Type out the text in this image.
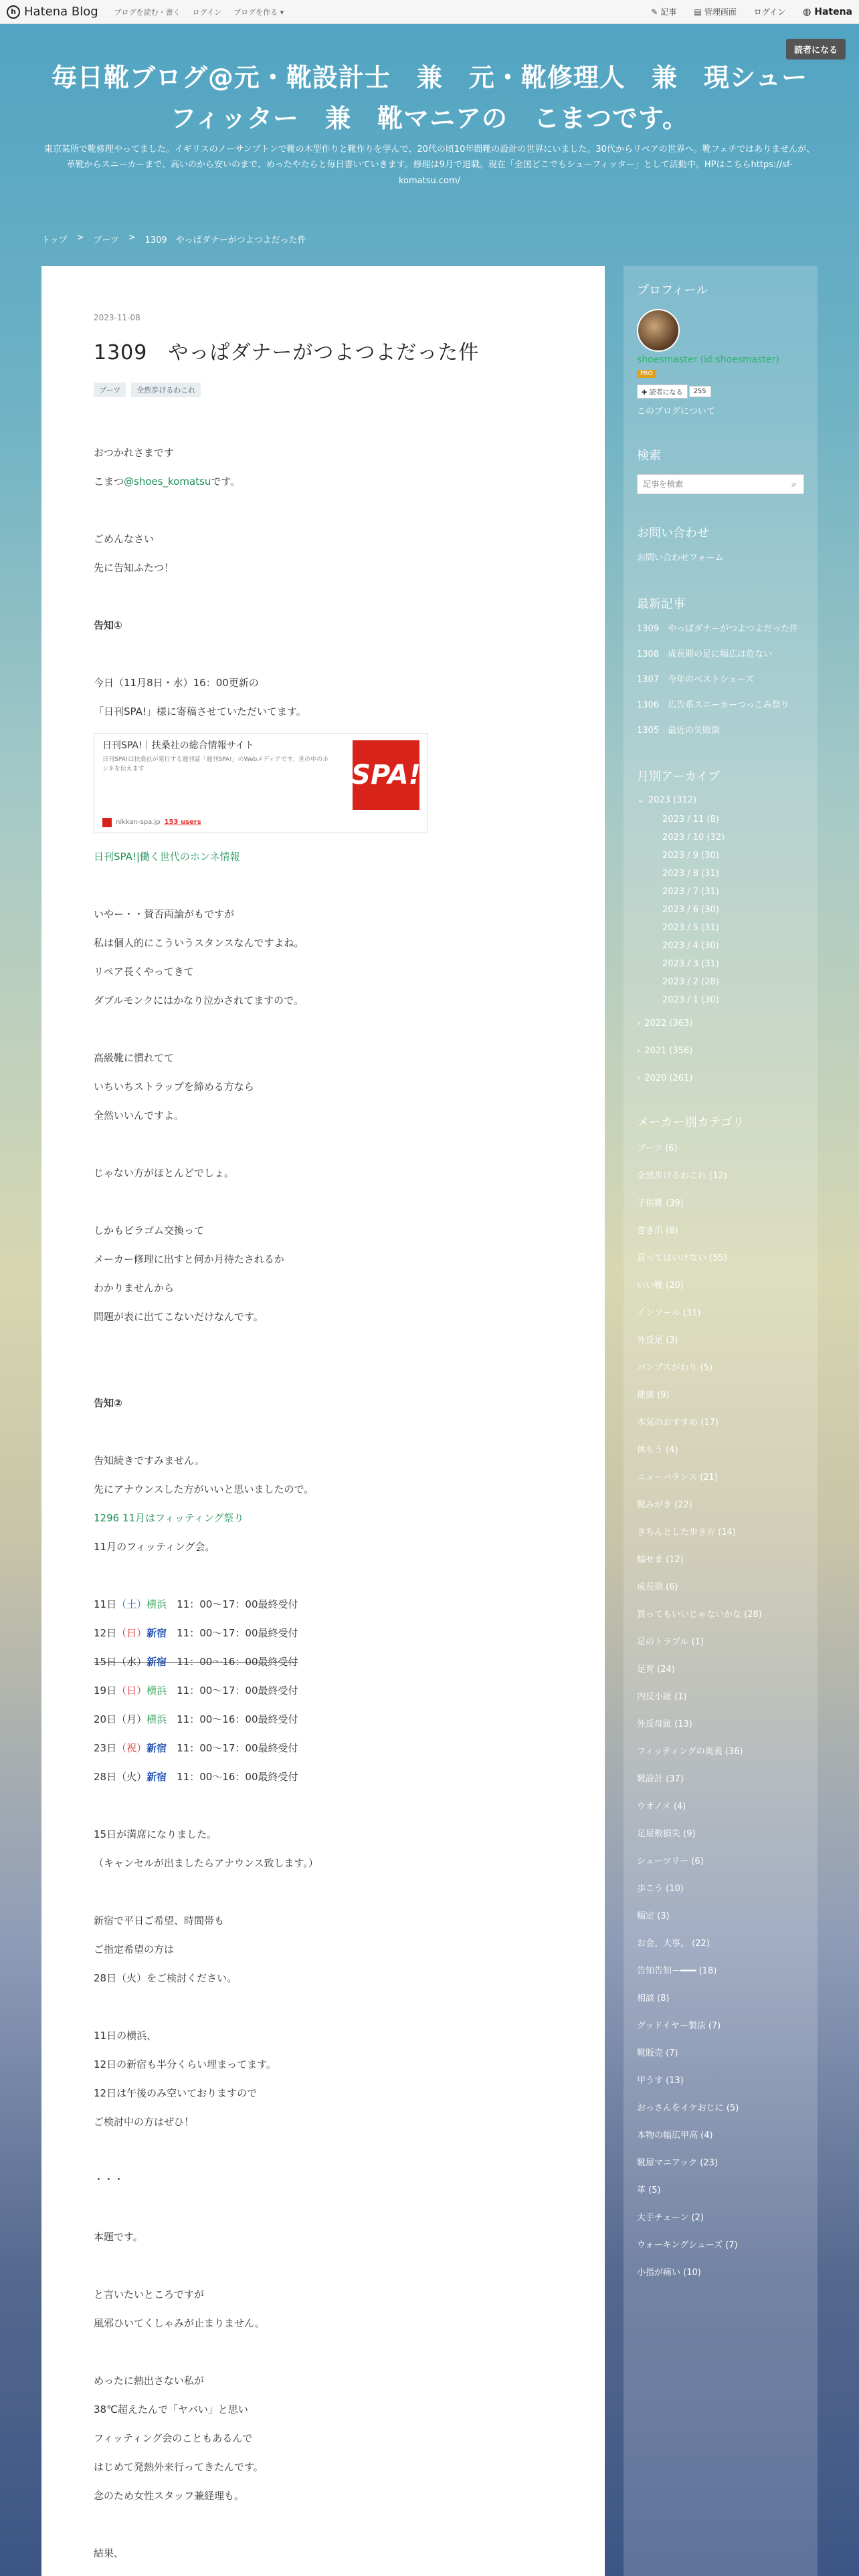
h Hatena Blog ブログを読む・書く ログイン ブログを作る ▾	✎ 記事 ▤ 管理画面 ログイン ◍ Hatena
読者になる
毎日靴ブログ@元・靴設計士　兼　元・靴修理人　兼　現シューフィッター　兼　靴マニアの　こまつです。

東京某所で靴修理やってました。イギリスのノーサンプトンで靴の木型作りと靴作りを学んで、20代の頃10年間靴の設計の世界にいました。30代からリペアの世界へ。靴フェチではありませんが、革靴からスニーカーまで、高いのから安いのまで、めったやたらと毎日書いていきます。修理は9月で退職。現在「全国どこでもシューフィッター」として活動中。HPはこちらhttps://sf-komatsu.com/

トップ > ブーツ > 1309　やっぱダナーがつよつよだった件
2023-11-08
1309　やっぱダナーがつよつよだった件
ブーツ	全然歩けるわこれ

おつかれさまです

こまつ@shoes_komatsuです。

ごめんなさい

先に告知ふたつ！

告知①

今日（11月8日・水）16：00更新の

「日刊SPA!」様に寄稿させていただいてます。

日刊SPA!｜扶桑社の総合情報サイト
日刊SPA!は扶桑社が発行する週刊誌「週刊SPA!」のWebメディアです。世の中のホンネを伝えます	SPA!
nikkan-spa.jp 153 users

日刊SPA!|働く世代のホンネ情報

いやー・・賛否両論がもですが

私は個人的にこういうスタンスなんですよね。

リペア長くやってきて

ダブルモンクにはかなり泣かされてますので。

高級靴に慣れてて

いちいちストラップを締める方なら

全然いいんですよ。

じゃない方がほとんどでしょ。

しかもビラゴム交換って

メーカー修理に出すと何か月待たされるか

わかりませんから

問題が表に出てこないだけなんです。

告知②

告知続きですみません。

先にアナウンスした方がいいと思いましたので。

1296 11月はフィッティング祭り

11月のフィッティング会。

11日（土）横浜　 11：00〜17：00最終受付

12日（日）新宿　 11：00〜17：00最終受付

15日（水）新宿　 11：00〜16：00最終受付

19日（日）横浜　 11：00〜17：00最終受付

20日（月）横浜　 11：00〜16：00最終受付

23日（祝）新宿　 11：00〜17：00最終受付

28日（火）新宿　 11：00〜16：00最終受付

15日が満席になりました。

（キャンセルが出ましたらアナウンス致します。）

新宿で平日ご希望、時間帯も

ご指定希望の方は

28日（火）をご検討ください。

11日の横浜、

12日の新宿も半分くらい埋まってます。

12日は午後のみ空いておりますので

ご検討中の方はぜひ！

・・・

本題です。

と言いたいところですが

風邪ひいてくしゃみが止まりません。

めったに熱出さない私が

38℃超えたんで「ヤバい」と思い

フィッティング会のこともあるんで

はじめて発熱外来行ってきたんです。

念のため女性スタッフ兼経理も。

結果、

プロフィール
shoesmaster (id:shoesmaster)
PRO
✚ 読者になる	255
このブログについて
検索
記事を検索
⌕
お問い合わせ
お問い合わせフォーム
最新記事
1309　やっぱダナーがつよつよだった件
1308　成長期の足に幅広は危ない
1307　今年のベストシューズ
1306　広告系スニーカーつっこみ祭り
1305　最近の失敗談
月別アーカイブ
⌄ 2023 (312)
2023 / 11 (8)
2023 / 10 (32)
2023 / 9 (30)
2023 / 8 (31)
2023 / 7 (31)
2023 / 6 (30)
2023 / 5 (31)
2023 / 4 (30)
2023 / 3 (31)
2023 / 2 (28)
2023 / 1 (30)
› 2022 (363)
› 2021 (356)
› 2020 (261)
メーカー別カテゴリ
ブーツ (6)
全然歩けるわこれ (12)
子供靴 (39)
巻き爪 (8)
買ってはいけない (55)
いい靴 (20)
インソール (31)
外反足 (3)
パンプスがわり (5)
健康 (9)
本気のおすすめ (17)
休もう (4)
ニューバランス (21)
靴みがき (22)
きちんとした歩き方 (14)
幅せま (12)
成長期 (6)
買ってもいいじゃないかな (28)
足のトラブル (1)
足育 (24)
内反小趾 (1)
外反母趾 (13)
フィッティングの奥義 (36)
靴設計 (37)
ウオノメ (4)
足屋敷損失 (9)
シューツリー (6)
歩こう (10)
幅定 (3)
お金、大事。 (22)
告知告知ー━━━ (18)
相談 (8)
グッドイヤー製法 (7)
靴販売 (7)
甲うす (13)
おっさんをイケおじに (5)
本物の幅広甲高 (4)
靴屋マニアック (23)
革 (5)
大手チェーン (2)
ウォーキングシューズ (7)
小指が痛い (10)
